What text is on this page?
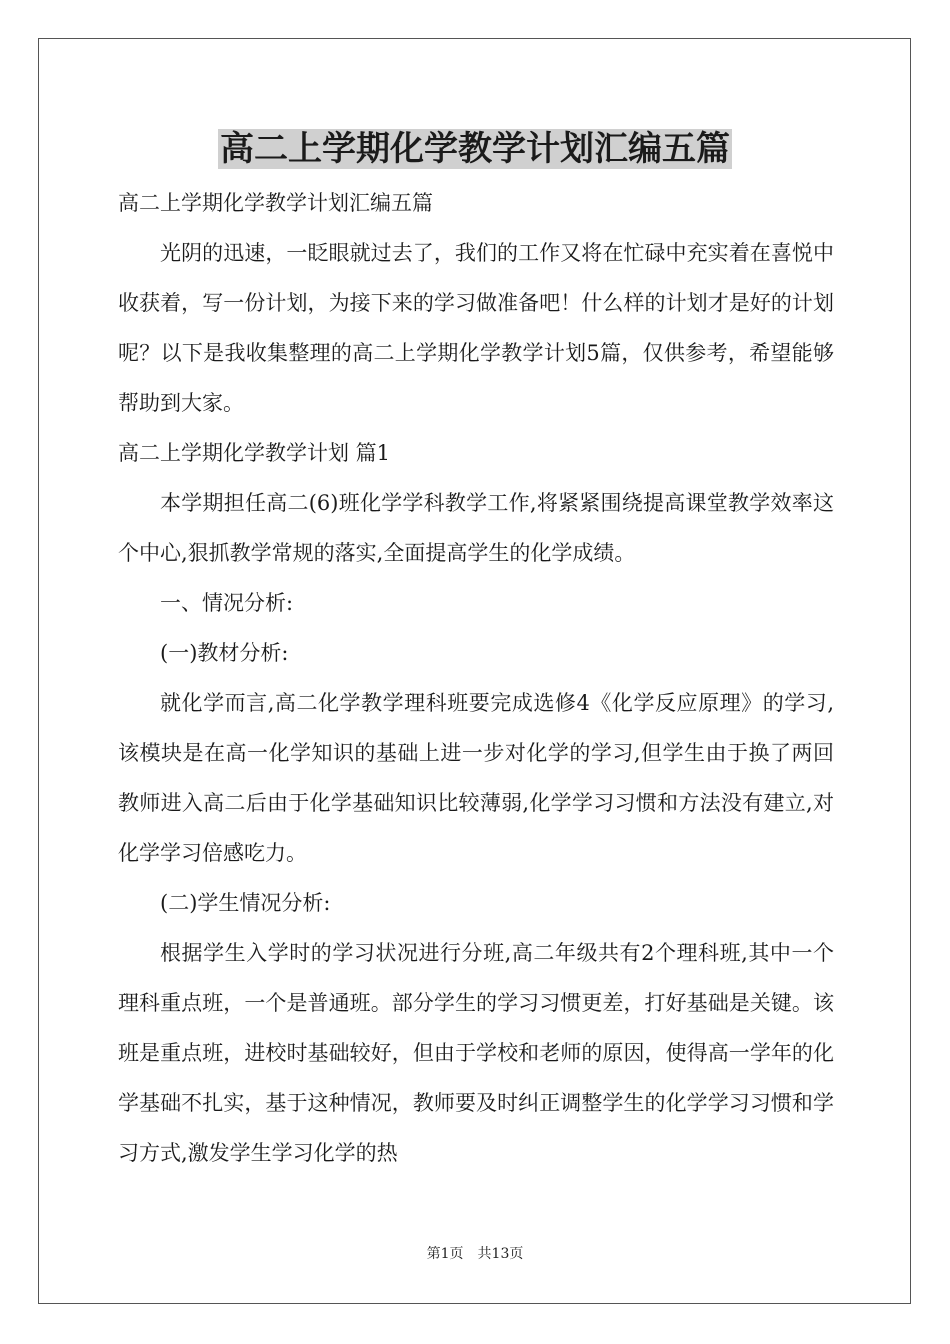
高二上学期化学教学计划汇编五篇

高二上学期化学教学计划汇编五篇

光阴的迅速，一眨眼就过去了，我们的工作又将在忙碌中充实着在喜悦中收获着，写一份计划，为接下来的学习做准备吧！什么样的计划才是好的计划呢？以下是我收集整理的高二上学期化学教学计划5篇，仅供参考，希望能够帮助到大家。

高二上学期化学教学计划 篇1

本学期担任高二(6)班化学学科教学工作,将紧紧围绕提高课堂教学效率这个中心,狠抓教学常规的落实,全面提高学生的化学成绩。

一、情况分析:

(一)教材分析:

就化学而言,高二化学教学理科班要完成选修4《化学反应原理》的学习,该模块是在高一化学知识的基础上进一步对化学的学习,但学生由于换了两回教师进入高二后由于化学基础知识比较薄弱,化学学习习惯和方法没有建立,对化学学习倍感吃力。

(二)学生情况分析:

根据学生入学时的学习状况进行分班,高二年级共有2个理科班,其中一个理科重点班，一个是普通班。部分学生的学习习惯更差，打好基础是关键。该班是重点班，进校时基础较好，但由于学校和老师的原因，使得高一学年的化学基础不扎实，基于这种情况，教师要及时纠正调整学生的化学学习习惯和学习方式,激发学生学习化学的热

第1页 共13页
